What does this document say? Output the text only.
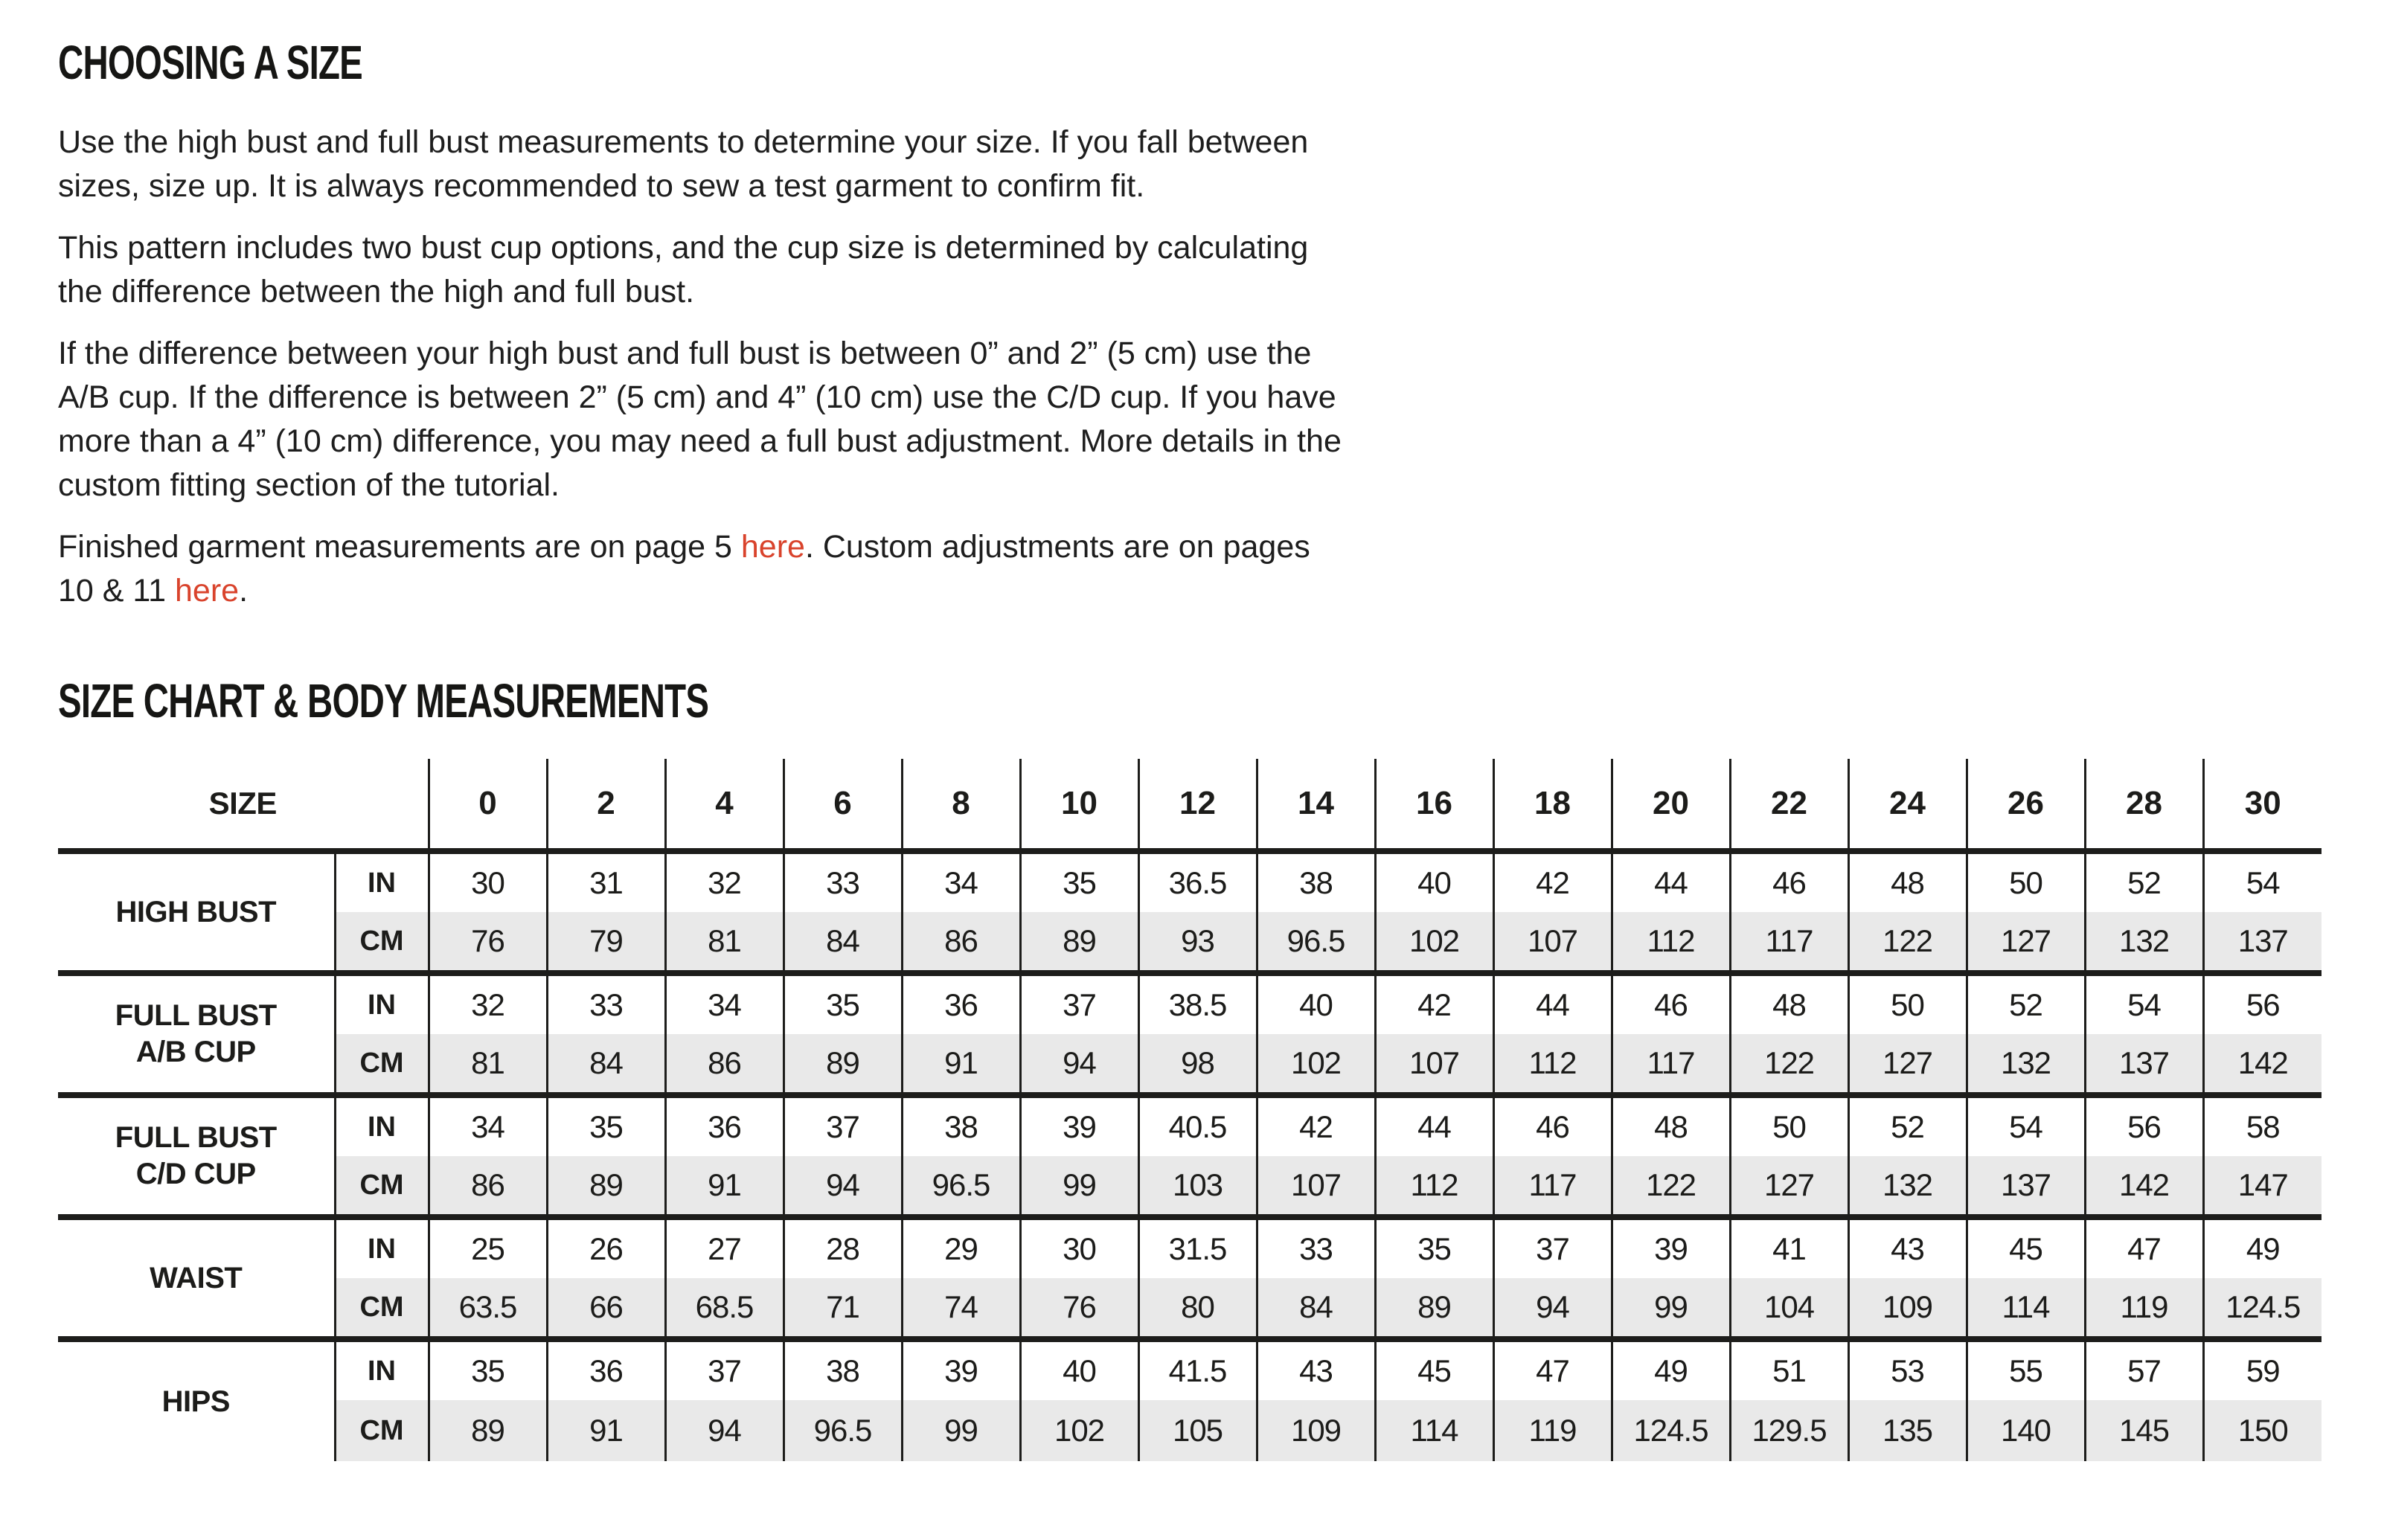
CHOOSING A SIZE

Use the high bust and full bust measurements to determine your size. If you fall between
sizes, size up. It is always recommended to sew a test garment to confirm fit.

This pattern includes two bust cup options, and the cup size is determined by calculating
the difference between the high and full bust.

If the difference between your high bust and full bust is between 0” and 2” (5 cm) use the
A/B cup. If the difference is between 2” (5 cm) and 4” (10 cm) use the C/D cup. If you have
more than a 4” (10 cm) difference, you may need a full bust adjustment. More details in the
custom fitting section of the tutorial.

Finished garment measurements are on page 5 here. Custom adjustments are on pages
10 & 11 here.

SIZE CHART & BODY MEASUREMENTS
SIZE		0	2	4	6	8	10	12	14	16	18	20	22	24	26	28	30
HIGH BUST	IN	30	31	32	33	34	35	36.5	38	40	42	44	46	48	50	52	54
	CM	76	79	81	84	86	89	93	96.5	102	107	112	117	122	127	132	137
FULL BUST
A/B CUP	IN	32	33	34	35	36	37	38.5	40	42	44	46	48	50	52	54	56
	CM	81	84	86	89	91	94	98	102	107	112	117	122	127	132	137	142
FULL BUST
C/D CUP	IN	34	35	36	37	38	39	40.5	42	44	46	48	50	52	54	56	58
	CM	86	89	91	94	96.5	99	103	107	112	117	122	127	132	137	142	147
WAIST	IN	25	26	27	28	29	30	31.5	33	35	37	39	41	43	45	47	49
	CM	63.5	66	68.5	71	74	76	80	84	89	94	99	104	109	114	119	124.5
HIPS	IN	35	36	37	38	39	40	41.5	43	45	47	49	51	53	55	57	59
	CM	89	91	94	96.5	99	102	105	109	114	119	124.5	129.5	135	140	145	150
